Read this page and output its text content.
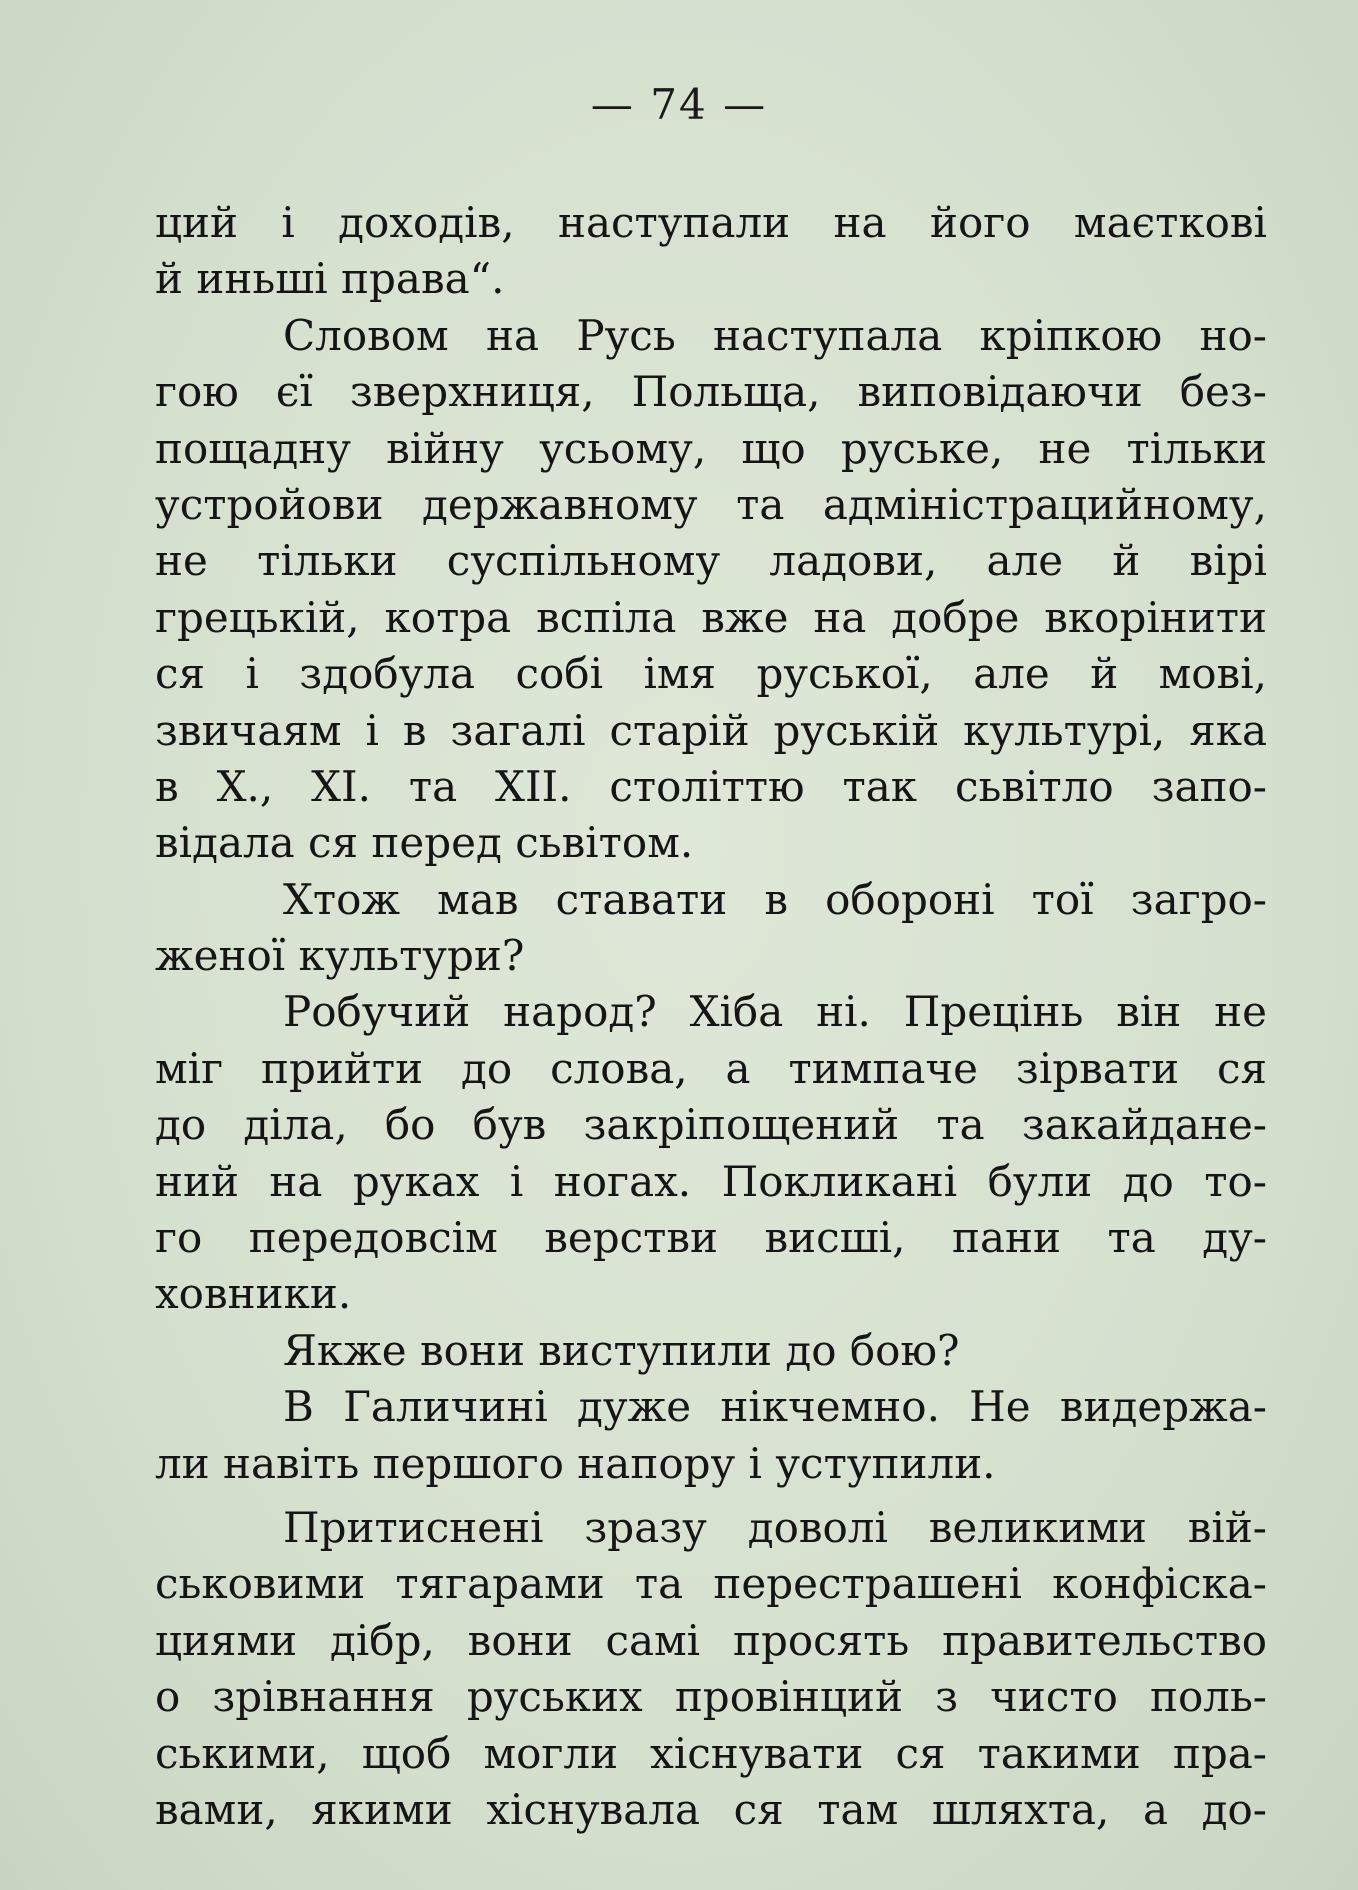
— 74 —
ций і доходів, наступали на його маєткові
й иньші права“.
Словом на Русь наступала кріпкою но-
гою єї зверхниця, Польща, виповідаючи без-
пощадну війну усьому, що руське, не тільки
устройови державному та адміністрацийному,
не тільки суспільному ладови, але й вірі
грецькій, котра вспіла вже на добре вкорінити
ся і здобула собі імя руської, але й мові,
звичаям і в загалі старій руській культурі, яка
в Х., ХІ. та ХІІ. століттю так сьвітло запо-
відала ся перед сьвітом.
Хтож мав ставати в обороні тої загро-
женої культури?
Робучий народ? Хіба ні. Прецінь він не
міг прийти до слова, а тимпаче зірвати ся
до діла, бо був закріпощений та закайдане-
ний на руках і ногах. Покликані були до то-
го передовсім верстви висші, пани та ду-
ховники.
Якже вони виступили до бою?
В Галичині дуже нікчемно. Не видержа-
ли навіть першого напору і уступили.
Притиснені зразу доволі великими вій-
ськовими тягарами та перестрашені конфіска-
циями дібр, вони самі просять правительство
о зрівнання руських провінций з чисто поль-
ськими, щоб могли хіснувати ся такими пра-
вами, якими хіснувала ся там шляхта, а до-
